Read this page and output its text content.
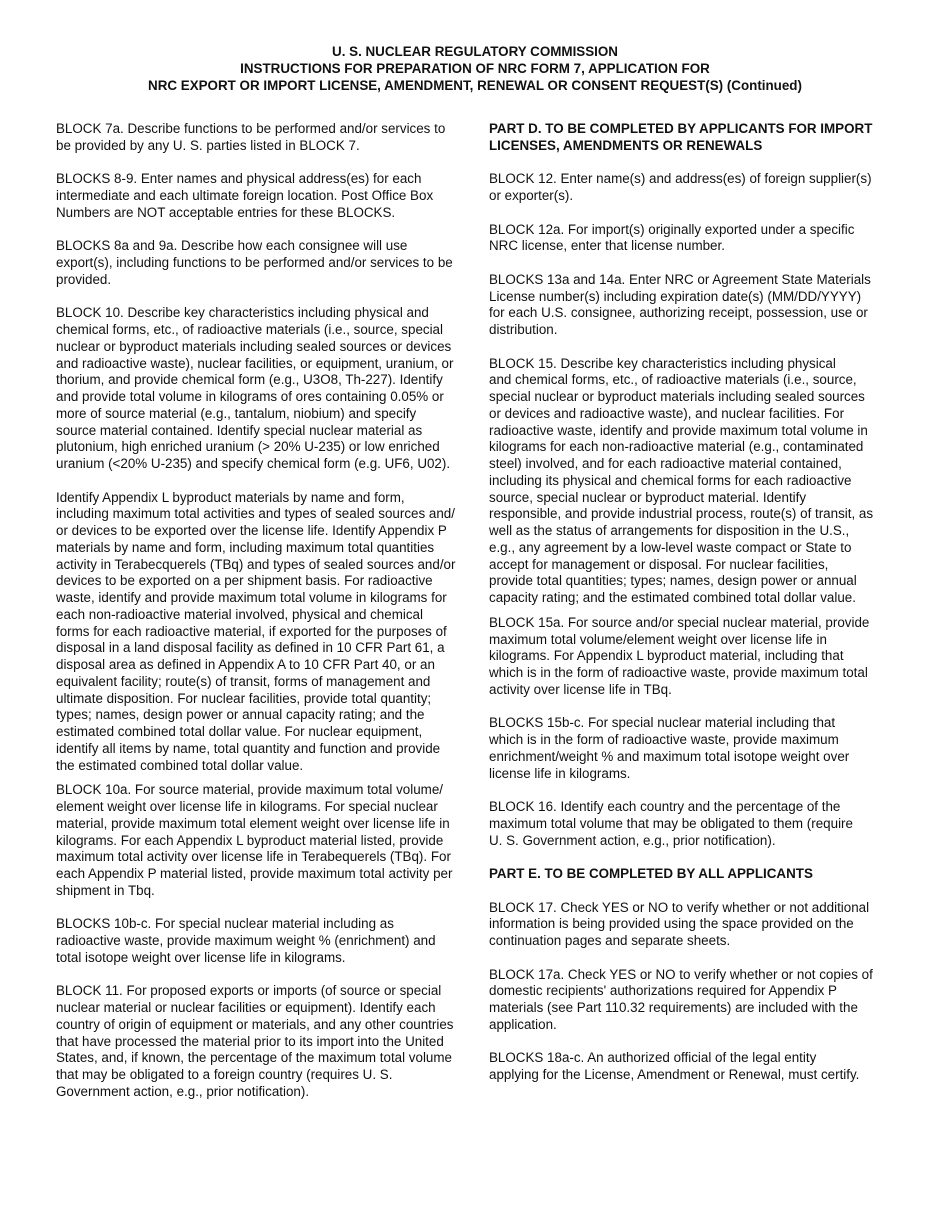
U. S. NUCLEAR REGULATORY COMMISSION
INSTRUCTIONS FOR PREPARATION OF NRC FORM 7, APPLICATION FOR
NRC EXPORT OR IMPORT LICENSE, AMENDMENT, RENEWAL OR CONSENT REQUEST(S) (Continued)

BLOCK 7a. Describe functions to be performed and/or services to
be provided by any U. S. parties listed in BLOCK 7.

BLOCKS 8-9. Enter names and physical address(es) for each
intermediate and each ultimate foreign location. Post Office Box
Numbers are NOT acceptable entries for these BLOCKS.

BLOCKS 8a and 9a. Describe how each consignee will use
export(s), including functions to be performed and/or services to be
provided.

BLOCK 10. Describe key characteristics including physical and
chemical forms, etc., of radioactive materials (i.e., source, special
nuclear or byproduct materials including sealed sources or devices
and radioactive waste), nuclear facilities, or equipment, uranium, or
thorium, and provide chemical form (e.g., U3O8, Th-227). Identify
and provide total volume in kilograms of ores containing 0.05% or
more of source material (e.g., tantalum, niobium) and specify
source material contained. Identify special nuclear material as
plutonium, high enriched uranium (> 20% U-235) or low enriched
uranium (<20% U-235) and specify chemical form (e.g. UF6, U02).

Identify Appendix L byproduct materials by name and form,
including maximum total activities and types of sealed sources and/
or devices to be exported over the license life. Identify Appendix P
materials by name and form, including maximum total quantities
activity in Terabecquerels (TBq) and types of sealed sources and/or
devices to be exported on a per shipment basis. For radioactive
waste, identify and provide maximum total volume in kilograms for
each non-radioactive material involved, physical and chemical
forms for each radioactive material, if exported for the purposes of
disposal in a land disposal facility as defined in 10 CFR Part 61, a
disposal area as defined in Appendix A to 10 CFR Part 40, or an
equivalent facility; route(s) of transit, forms of management and
ultimate disposition. For nuclear facilities, provide total quantity;
types; names, design power or annual capacity rating; and the
estimated combined total dollar value. For nuclear equipment,
identify all items by name, total quantity and function and provide
the estimated combined total dollar value.

BLOCK 10a. For source material, provide maximum total volume/
element weight over license life in kilograms. For special nuclear
material, provide maximum total element weight over license life in
kilograms. For each Appendix L byproduct material listed, provide
maximum total activity over license life in Terabequerels (TBq). For
each Appendix P material listed, provide maximum total activity per
shipment in Tbq.

BLOCKS 10b-c. For special nuclear material including as
radioactive waste, provide maximum weight % (enrichment) and
total isotope weight over license life in kilograms.

BLOCK 11. For proposed exports or imports (of source or special
nuclear material or nuclear facilities or equipment). Identify each
country of origin of equipment or materials, and any other countries
that have processed the material prior to its import into the United
States, and, if known, the percentage of the maximum total volume
that may be obligated to a foreign country (requires U. S.
Government action, e.g., prior notification).

PART D. TO BE COMPLETED BY APPLICANTS FOR IMPORT
LICENSES, AMENDMENTS OR RENEWALS

BLOCK 12. Enter name(s) and address(es) of foreign supplier(s)
or exporter(s).

BLOCK 12a. For import(s) originally exported under a specific
NRC license, enter that license number.

BLOCKS 13a and 14a. Enter NRC or Agreement State Materials
License number(s) including expiration date(s) (MM/DD/YYYY)
for each U.S. consignee, authorizing receipt, possession, use or
distribution.

BLOCK 15. Describe key characteristics including physical
and chemical forms, etc., of radioactive materials (i.e., source,
special nuclear or byproduct materials including sealed sources
or devices and radioactive waste), and nuclear facilities. For
radioactive waste, identify and provide maximum total volume in
kilograms for each non-radioactive material (e.g., contaminated
steel) involved, and for each radioactive material contained,
including its physical and chemical forms for each radioactive
source, special nuclear or byproduct material. Identify
responsible, and provide industrial process, route(s) of transit, as
well as the status of arrangements for disposition in the U.S.,
e.g., any agreement by a low-level waste compact or State to
accept for management or disposal. For nuclear facilities,
provide total quantities; types; names, design power or annual
capacity rating; and the estimated combined total dollar value.

BLOCK 15a. For source and/or special nuclear material, provide
maximum total volume/element weight over license life in
kilograms. For Appendix L byproduct material, including that
which is in the form of radioactive waste, provide maximum total
activity over license life in TBq.

BLOCKS 15b-c. For special nuclear material including that
which is in the form of radioactive waste, provide maximum
enrichment/weight % and maximum total isotope weight over
license life in kilograms.

BLOCK 16. Identify each country and the percentage of the
maximum total volume that may be obligated to them (require
U. S. Government action, e.g., prior notification).

PART E. TO BE COMPLETED BY ALL APPLICANTS

BLOCK 17. Check YES or NO to verify whether or not additional
information is being provided using the space provided on the
continuation pages and separate sheets.

BLOCK 17a. Check YES or NO to verify whether or not copies of
domestic recipients' authorizations required for Appendix P
materials (see Part 110.32 requirements) are included with the
application.

BLOCKS 18a-c. An authorized official of the legal entity
applying for the License, Amendment or Renewal, must certify.
